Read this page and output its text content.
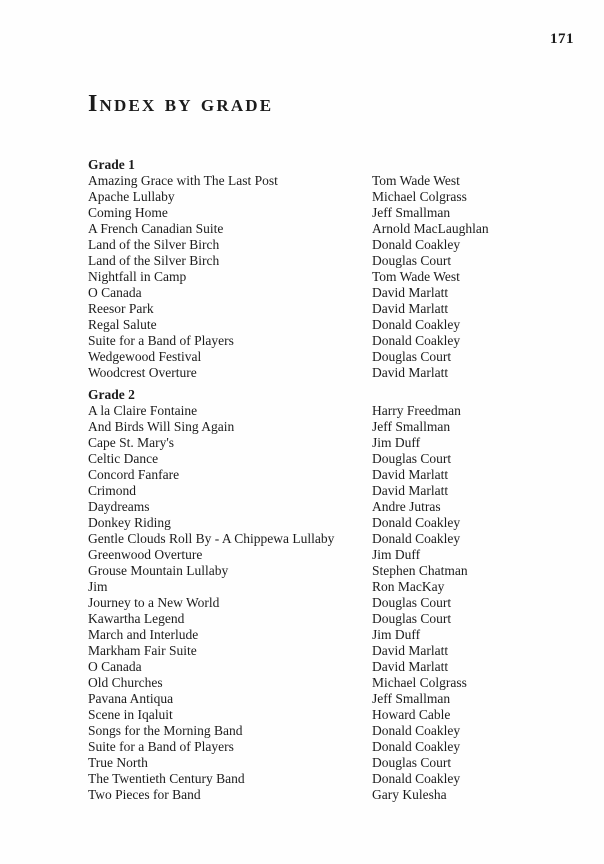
171
Index by grade
Grade 1
Amazing Grace with The Last Post	Tom Wade West
Apache Lullaby	Michael Colgrass
Coming Home	Jeff Smallman
A French Canadian Suite	Arnold MacLaughlan
Land of the Silver Birch	Donald Coakley
Land of the Silver Birch	Douglas Court
Nightfall in Camp	Tom Wade West
O Canada	David Marlatt
Reesor Park	David Marlatt
Regal Salute	Donald Coakley
Suite for a Band of Players	Donald Coakley
Wedgewood Festival	Douglas Court
Woodcrest Overture	David Marlatt
Grade 2
A la Claire Fontaine	Harry Freedman
And Birds Will Sing Again	Jeff Smallman
Cape St. Mary's	Jim Duff
Celtic Dance	Douglas Court
Concord Fanfare	David Marlatt
Crimond	David Marlatt
Daydreams	Andre Jutras
Donkey Riding	Donald Coakley
Gentle Clouds Roll By - A Chippewa Lullaby	Donald Coakley
Greenwood Overture	Jim Duff
Grouse Mountain Lullaby	Stephen Chatman
Jim	Ron MacKay
Journey to a New World	Douglas Court
Kawartha Legend	Douglas Court
March and Interlude	Jim Duff
Markham Fair Suite	David Marlatt
O Canada	David Marlatt
Old Churches	Michael Colgrass
Pavana Antiqua	Jeff Smallman
Scene in Iqaluit	Howard Cable
Songs for the Morning Band	Donald Coakley
Suite for a Band of Players	Donald Coakley
True North	Douglas Court
The Twentieth Century Band	Donald Coakley
Two Pieces for Band	Gary Kulesha
